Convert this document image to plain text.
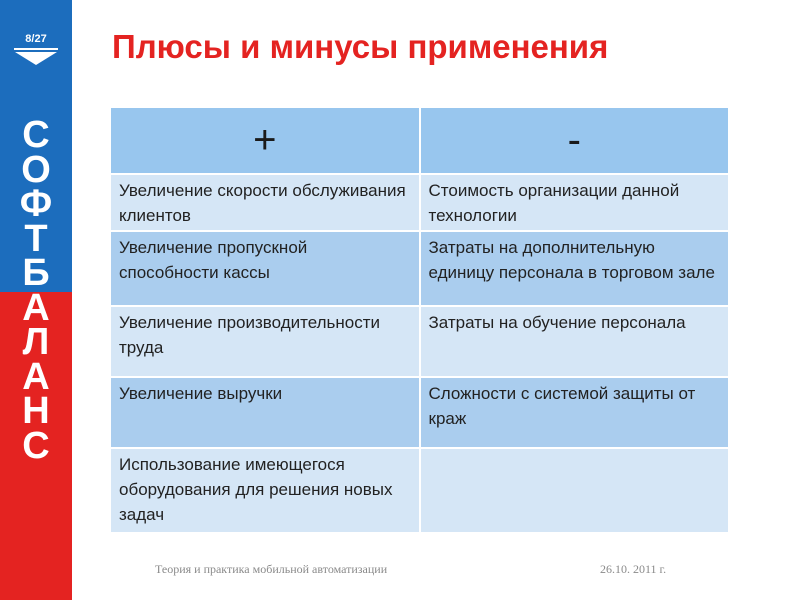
8/27
С
О
Ф
Т
Б
А
Л
А
Н
С
Плюсы и минусы применения
+	-
Увеличение скорости обслуживания клиентов	Стоимость организации данной технологии
Увеличение пропускной способности кассы	Затраты на дополнительную единицу персонала в торговом зале
Увеличение производительности труда	Затраты на обучение персонала
Увеличение выручки	Сложности с системой защиты от краж
Использование имеющегося оборудования для решения новых задач	
Теория и практика мобильной автоматизации	26.10. 2011 г.
